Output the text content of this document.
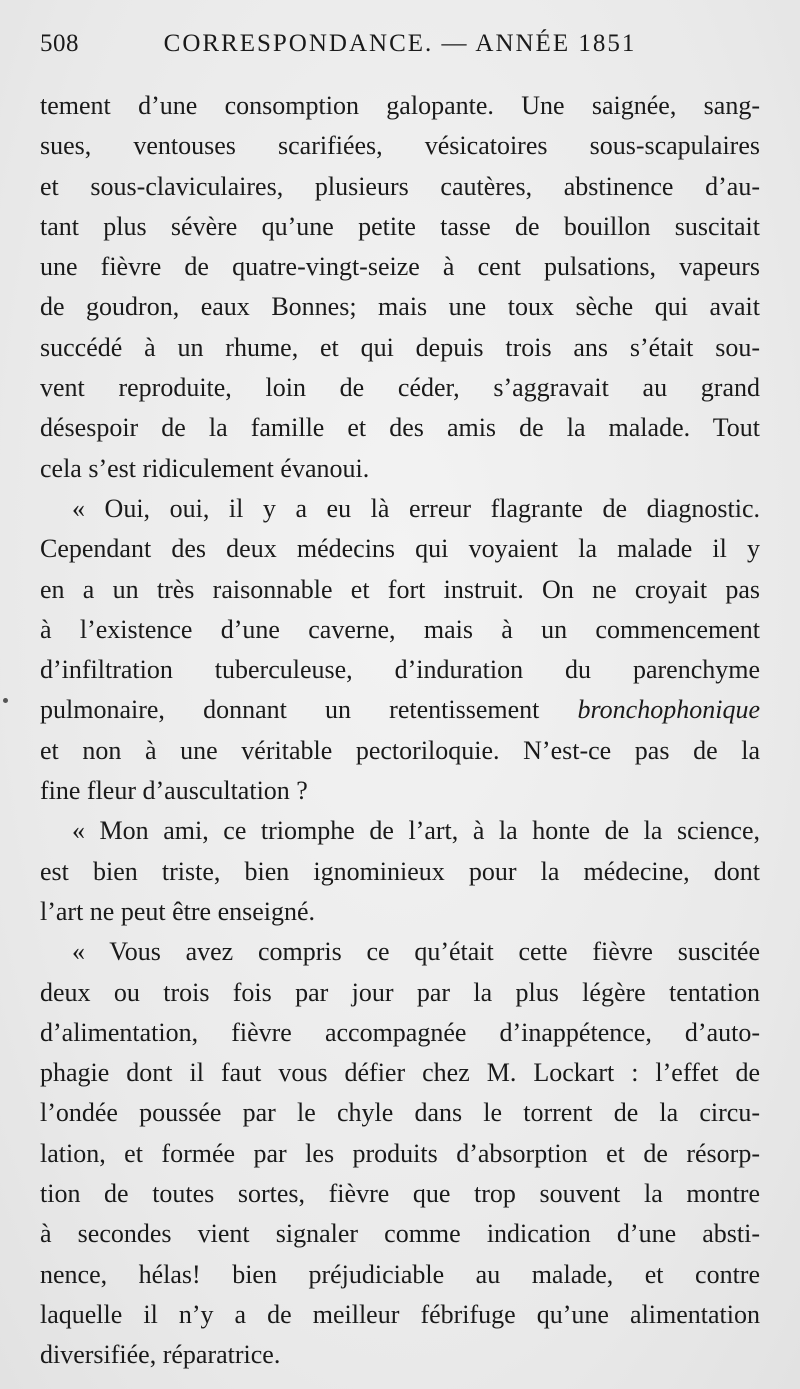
508	CORRESPONDANCE. — ANNÉE 1851
tement d’une consomption galopante. Une saignée, sang-
sues, ventouses scarifiées, vésicatoires sous-scapulaires
et sous-claviculaires, plusieurs cautères, abstinence d’au-
tant plus sévère qu’une petite tasse de bouillon suscitait
une fièvre de quatre-vingt-seize à cent pulsations, vapeurs
de goudron, eaux Bonnes; mais une toux sèche qui avait
succédé à un rhume, et qui depuis trois ans s’était sou-
vent reproduite, loin de céder, s’aggravait au grand
désespoir de la famille et des amis de la malade. Tout
cela s’est ridiculement évanoui.
« Oui, oui, il y a eu là erreur flagrante de diagnostic.
Cependant des deux médecins qui voyaient la malade il y
en a un très raisonnable et fort instruit. On ne croyait pas
à l’existence d’une caverne, mais à un commencement
d’infiltration tuberculeuse, d’induration du parenchyme
pulmonaire, donnant un retentissement bronchophonique
et non à une véritable pectoriloquie. N’est-ce pas de la
fine fleur d’auscultation ?
« Mon ami, ce triomphe de l’art, à la honte de la science,
est bien triste, bien ignominieux pour la médecine, dont
l’art ne peut être enseigné.
« Vous avez compris ce qu’était cette fièvre suscitée
deux ou trois fois par jour par la plus légère tentation
d’alimentation, fièvre accompagnée d’inappétence, d’auto-
phagie dont il faut vous défier chez M. Lockart : l’effet de
l’ondée poussée par le chyle dans le torrent de la circu-
lation, et formée par les produits d’absorption et de résorp-
tion de toutes sortes, fièvre que trop souvent la montre
à secondes vient signaler comme indication d’une absti-
nence, hélas! bien préjudiciable au malade, et contre
laquelle il n’y a de meilleur fébrifuge qu’une alimentation
diversifiée, réparatrice.
